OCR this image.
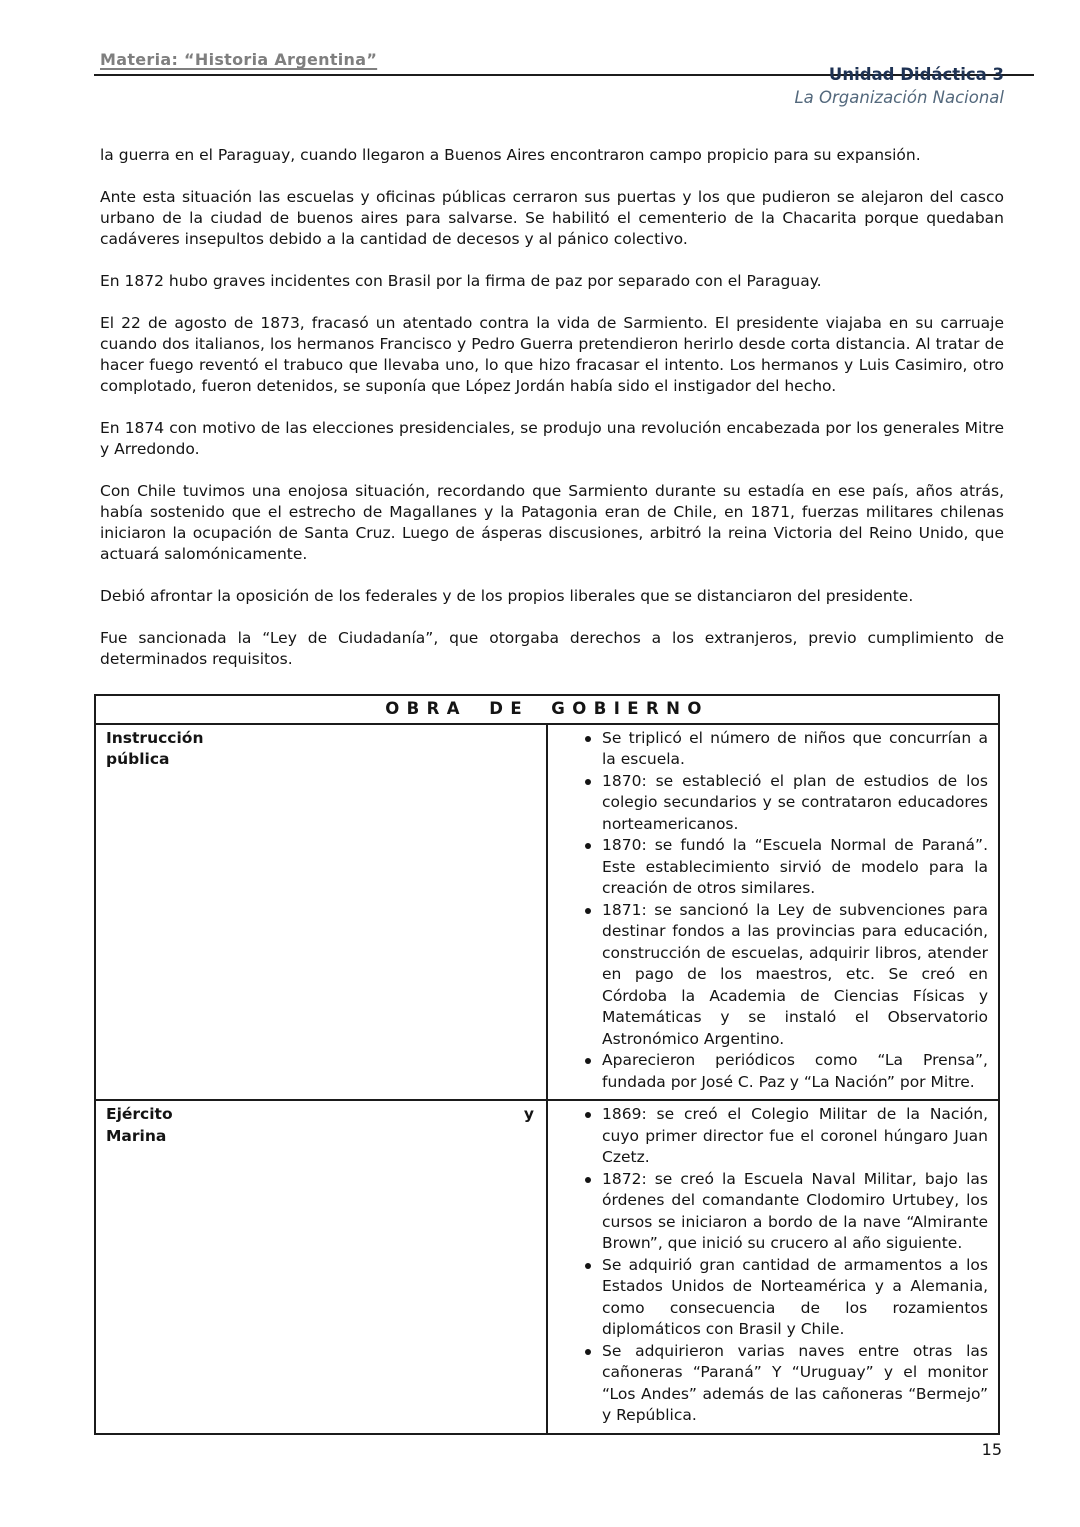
Materia: “Historia Argentina”
Unidad Didáctica 3
La Organización Nacional

la guerra en el Paraguay, cuando llegaron a Buenos Aires encontraron campo propicio para su expansión.

Ante esta situación las escuelas y oficinas públicas cerraron sus puertas y los que pudieron se alejaron del casco urbano de la ciudad de buenos aires para salvarse. Se habilitó el cementerio de la Chacarita porque quedaban cadáveres insepultos debido a la cantidad de decesos y al pánico colectivo.

En 1872 hubo graves incidentes con Brasil por la firma de paz por separado con el Paraguay.

El 22 de agosto de 1873, fracasó un atentado contra la vida de Sarmiento. El presidente viajaba en su carruaje cuando dos italianos, los hermanos Francisco y Pedro Guerra pretendieron herirlo desde corta distancia. Al tratar de hacer fuego reventó el trabuco que llevaba uno, lo que hizo fracasar el intento. Los hermanos y Luis Casimiro, otro complotado, fueron detenidos, se suponía que López Jordán había sido el instigador del hecho.

En 1874 con motivo de las elecciones presidenciales, se produjo una revolución encabezada por los generales Mitre y Arredondo.

Con Chile tuvimos una enojosa situación, recordando que Sarmiento durante su estadía en ese país, años atrás, había sostenido que el estrecho de Magallanes y la Patagonia eran de Chile, en 1871, fuerzas militares chilenas iniciaron la ocupación de Santa Cruz. Luego de ásperas discusiones, arbitró la reina Victoria del Reino Unido, que actuará salomónicamente.

Debió afrontar la oposición de los federales y de los propios liberales que se distanciaron del presidente.

Fue sancionada la “Ley de Ciudadanía”, que otorgaba derechos a los extranjeros, previo cumplimiento de determinados requisitos.

OBRA DE GOBIERNO	

Instrucción
pública

Se triplicó el número de niños que concurrían a la escuela.
1870: se estableció el plan de estudios de los colegio secundarios y se contrataron educadores norteamericanos.
1870: se fundó la “Escuela Normal de Paraná”. Este establecimiento sirvió de modelo para la creación de otros similares.
1871: se sancionó la Ley de subvenciones para destinar fondos a las provincias para educación, construcción de escuelas, adquirir libros, atender en pago de los maestros, etc. Se creó en Córdoba la Academia de Ciencias Físicas y Matemáticas y se instaló el Observatorio Astronómico Argentino.
Aparecieron periódicos como “La Prensa”, fundada por José C. Paz y “La Nación” por Mitre.

Ejército	y
Marina

1869: se creó el Colegio Militar de la Nación, cuyo primer director fue el coronel húngaro Juan Czetz.
1872: se creó la Escuela Naval Militar, bajo las órdenes del comandante Clodomiro Urtubey, los cursos se iniciaron a bordo de la nave “Almirante Brown”, que inició su crucero al año siguiente.
Se adquirió gran cantidad de armamentos a los Estados Unidos de Norteamérica y a Alemania, como consecuencia de los rozamientos diplomáticos con Brasil y Chile.
Se adquirieron varias naves entre otras las cañoneras “Paraná” Y “Uruguay” y el monitor “Los Andes” además de las cañoneras “Bermejo” y República.
15
